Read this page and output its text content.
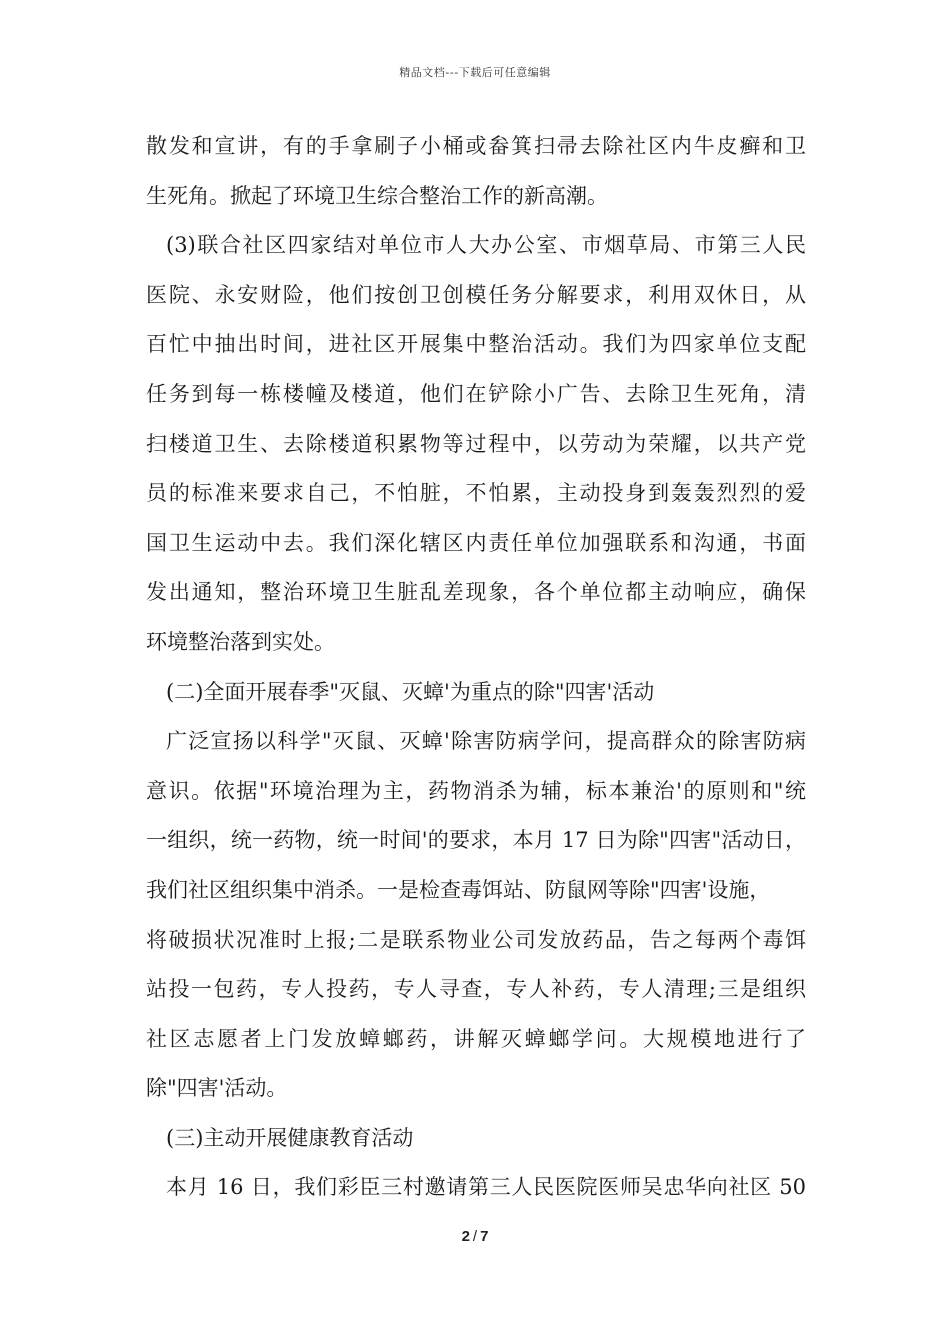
精品文档---下载后可任意编辑
散发和宣讲，有的手拿刷子小桶或畚箕扫帚去除社区内牛皮癣和卫
生死角。掀起了环境卫生综合整治工作的新高潮。
(3)联合社区四家结对单位市人大办公室、市烟草局、市第三人民
医院、永安财险，他们按创卫创模任务分解要求，利用双休日，从
百忙中抽出时间，进社区开展集中整治活动。我们为四家单位支配
任务到每一栋楼幢及楼道，他们在铲除小广告、去除卫生死角，清
扫楼道卫生、去除楼道积累物等过程中，以劳动为荣耀，以共产党
员的标准来要求自己，不怕脏，不怕累，主动投身到轰轰烈烈的爱
国卫生运动中去。我们深化辖区内责任单位加强联系和沟通，书面
发出通知，整治环境卫生脏乱差现象，各个单位都主动响应，确保
环境整治落到实处。
(二)全面开展春季"灭鼠、灭蟑'为重点的除"四害'活动
广泛宣扬以科学"灭鼠、灭蟑'除害防病学问，提高群众的除害防病
意识。依据"环境治理为主，药物消杀为辅，标本兼治'的原则和"统
一组织，统一药物，统一时间'的要求，本月 17 日为除"四害"活动日，
我们社区组织集中消杀。一是检查毒饵站、防鼠网等除"四害'设施，
将破损状况准时上报;二是联系物业公司发放药品，告之每两个毒饵
站投一包药，专人投药，专人寻查，专人补药，专人清理;三是组织
社区志愿者上门发放蟑螂药，讲解灭蟑螂学问。大规模地进行了
除"四害'活动。
(三)主动开展健康教育活动
本月 16 日，我们彩臣三村邀请第三人民医院医师吴忠华向社区 50
2 / 7
